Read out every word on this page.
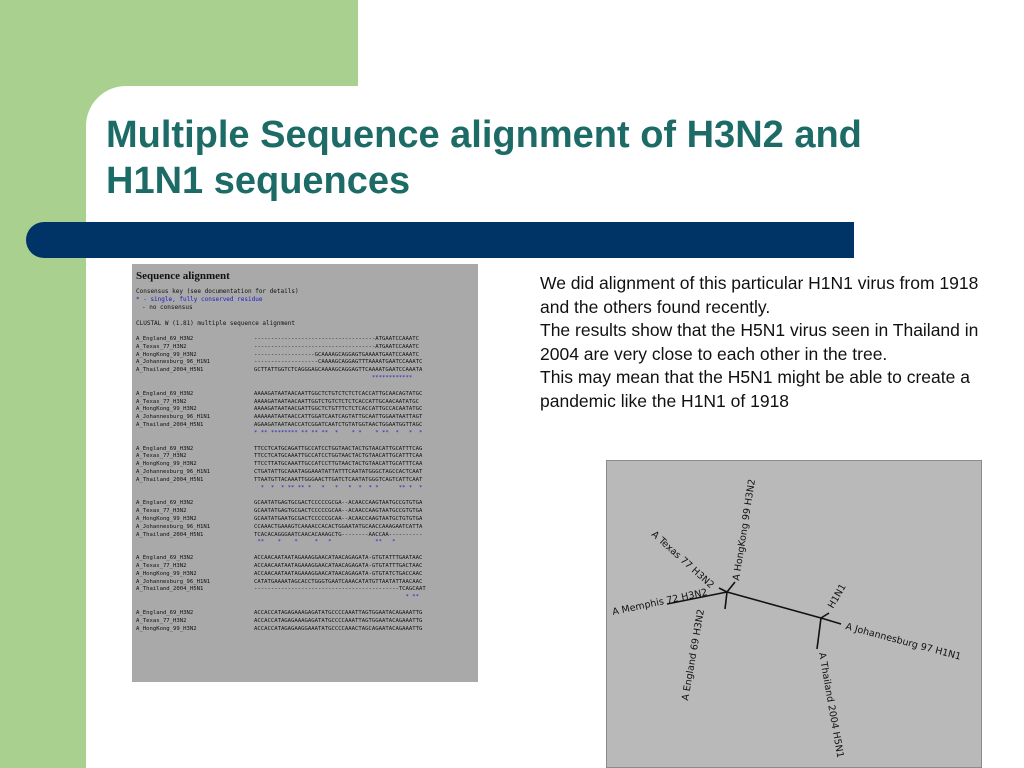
Multiple Sequence alignment of H3N2 and
H1N1 sequences
Sequence alignment
Consensus key (see documentation for details)
* - single, fully conserved residue
- no consensus
CLUSTAL W (1.81) multiple sequence alignment
A_England_69_H3N2	------------------------------------ATGAATCCAAATC
A_Texas_77_H3N2	------------------------------------ATGAATCCAAATC
A_HongKong_99_H3N2	------------------GCAAAAGCAGGAGTGAAAATGAATCCAAATC
A_Johannesburg_96_H1N1	-------------------CAAAAGCAGGAGTTTAAAATGAATCCAAATC
A_Thailand_2004_H5N1	GCTTATTGGTCTCAGGGAGCAAAAGCAGGAGTTCAAAATGAATCCAAATA
************
A_England_69_H3N2	AAAAGATAATAACAATTGGCTCTGTCTCTCTCACCATTGCAACAGTATGC
A_Texas_77_H3N2	AAAAGATAATAACAATTGGTCTGTCTCTCTCACCATTGCAACAATATGC
A_HongKong_99_H3N2	AAAAGATAATAACGATTGGCTCTGTTTCTCTCACCATTGCCACAATATGC
A_Johannesburg_96_H1N1	AAAAAATAATAACCATTGGATCAATCAGTATTGCAATTGGAATAATTAGT
A_Thailand_2004_H5N1	AGAAGATAATAACCATCGGATCAATCTGTATGGTAACTGGAATGGTTAGC
* ** ******** ** ** **  *    * *    * **  *   *  *
A_England_69_H3N2	TTCCTCATGCAGATTGCCATCCTGGTAACTACTGTAACATTGCATTTCAG
A_Texas_77_H3N2	TTCCTCATGCAAATTGCCATCCTGGTAACTACTGTAACATTGCATTTCAA
A_HongKong_99_H3N2	TTCCTTATGCAAATTGCCATCCTTGTAACTACTGTAACATTGCATTTCAA
A_Johannesburg_96_H1N1	CTGATATTGCAAATAGGAAATATTATTTCAATATGGGCTAGCCACTCAAT
A_Thailand_2004_H5N1	TTAATGTTACAAATTGGGAACTTGATCTCAATATGGGTCAGTCATTCAAT
*  *  * ** ** *   *   *   *  *  * *      ** *  *
A_England_69_H3N2	GCAATATGAGTGCGACTCCCCCGCGA--ACAACCAAGTAATGCCGTGTGA
A_Texas_77_H3N2	GCAATATGAGTGCGACTCCCCCGCAA--ACAACCAAGTAATGCCGTGTGA
A_HongKong_99_H3N2	GCAATATGAATGCGACTCCCCCGCAA--ACAACCAAGTAATGCTGTGTGA
A_Johannesburg_96_H1N1	CCAAACTGAAAGTCAAAACCACACTGGAATATGCAACCAAAGAATCATTA
A_Thailand_2004_H5N1	TCACACAGGGAATCAACACAAAGCTG--------AACCAA----------
**    *    *     *   *             **   *
A_England_69_H3N2	ACCAACAATAATAGAAAGGAACATAACAGAGATA-GTGTATTTGAATAAC
A_Texas_77_H3N2	ACCAACAATAATAGAAAGGAACATAACAGAGATA-GTGTATTTGACTAAC
A_HongKong_99_H3N2	ACCAACAATAATAGAAAGGAACATAACAGAGATA-GTGTATCTGACCAAC
A_Johannesburg_96_H1N1	CATATGAAAATAGCACCTGGGTGAATCAAACATATGTTAATATTAACAAC
A_Thailand_2004_H5N1	-------------------------------------------TCAGCAAT
* **
A_England_69_H3N2	ACCACCATAGAGAAAGAGATATGCCCCAAATTAGTGGAATACAGAAATTG
A_Texas_77_H3N2	ACCACCATAGAGAAAGAGATATGCCCCAAATTAGTGGAATACAGAAATTG
A_HongKong_99_H3N2	ACCACCATAGAGAAGGAAATATGCCCCAAACTAGCAGAATACAGAAATTG

We did alignment of this particular H1N1 virus from 1918 and the others found recently.

The results show that the H5N1 virus seen in Thailand in 2004 are very close to each other in the tree.

This may mean that the H5N1 might be able to create a pandemic like the H1N1 of 1918

A HongKong 99 H3N2
A Texas 77 H3N2
A Memphis 72 H3N2
A England 69 H3N2
H1N1
A Johannesburg 97 H1N1
A Thailand 2004 H5N1
